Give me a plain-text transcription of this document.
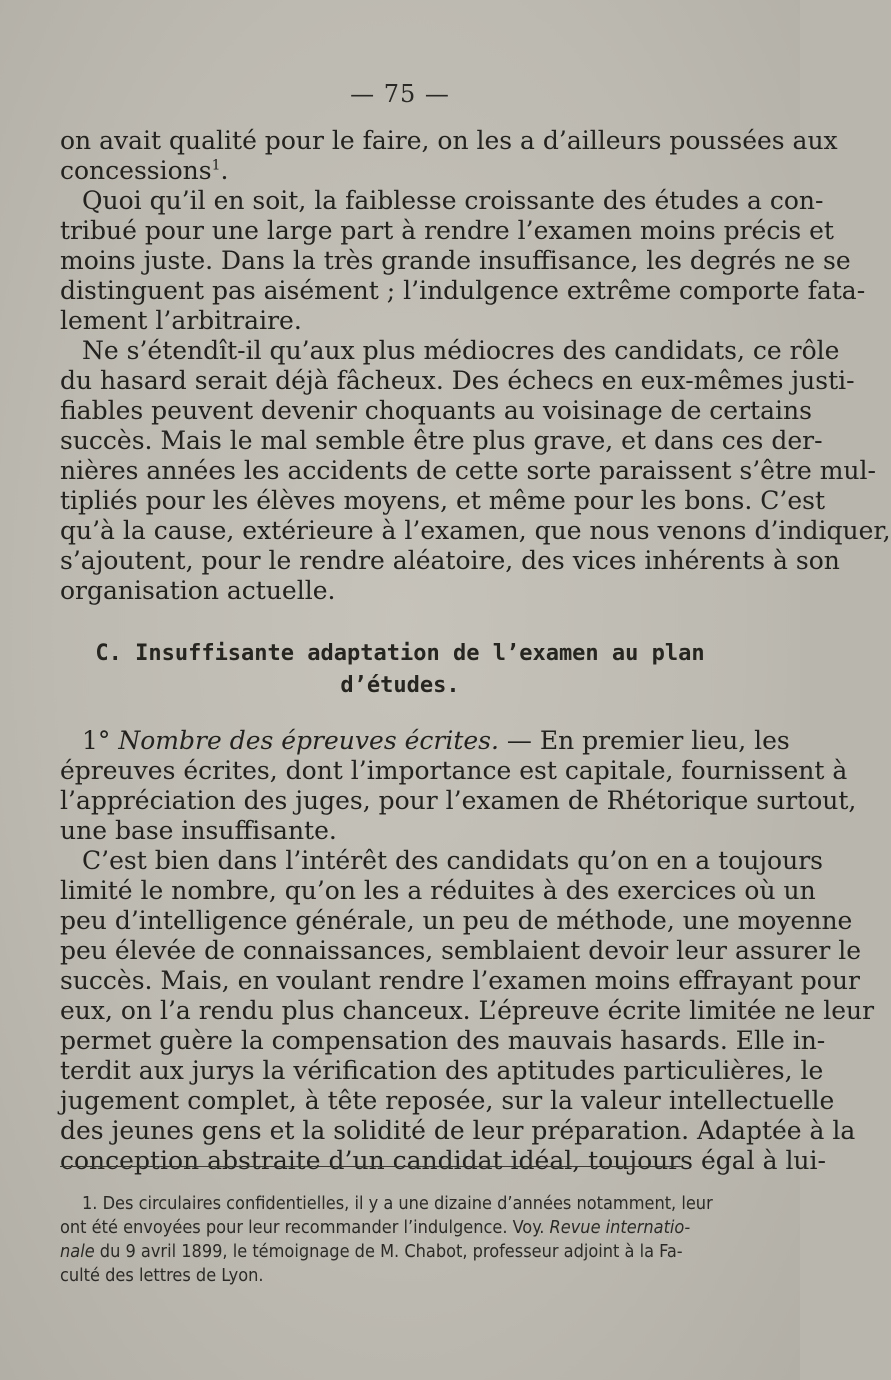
— 75 —
on avait qualité pour le faire, on les a d’ailleurs poussées aux
concessions$^1$.
Quoi qu’il en soit, la faiblesse croissante des études a con-
tribué pour une large part à rendre l’examen moins précis et
moins juste. Dans la très grande insuffisance, les degrés ne se
distinguent pas aisément ; l’indulgence extrême comporte fata-
lement l’arbitraire.
Ne s’étendît-il qu’aux plus médiocres des candidats, ce rôle
du hasard serait déjà fâcheux. Des échecs en eux-mêmes justi-
fiables peuvent devenir choquants au voisinage de certains
succès. Mais le mal semble être plus grave, et dans ces der-
nières années les accidents de cette sorte paraissent s’être mul-
tipliés pour les élèves moyens, et même pour les bons. C’est
qu’à la cause, extérieure à l’examen, que nous venons d’indiquer,
s’ajoutent, pour le rendre aléatoire, des vices inhérents à son
organisation actuelle.
C. Insuffisante adaptation de l’examen au plan
d’études.
1° Nombre des épreuves écrites. — En premier lieu, les
épreuves écrites, dont l’importance est capitale, fournissent à
l’appréciation des juges, pour l’examen de Rhétorique surtout,
une base insuffisante.
C’est bien dans l’intérêt des candidats qu’on en a toujours
limité le nombre, qu’on les a réduites à des exercices où un
peu d’intelligence générale, un peu de méthode, une moyenne
peu élevée de connaissances, semblaient devoir leur assurer le
succès. Mais, en voulant rendre l’examen moins effrayant pour
eux, on l’a rendu plus chanceux. L’épreuve écrite limitée ne leur
permet guère la compensation des mauvais hasards. Elle in-
terdit aux jurys la vérification des aptitudes particulières, le
jugement complet, à tête reposée, sur la valeur intellectuelle
des jeunes gens et la solidité de leur préparation. Adaptée à la
conception abstraite d’un candidat idéal, toujours égal à lui-
1. Des circulaires confidentielles, il y a une dizaine d’années notamment, leur
ont été envoyées pour leur recommander l’indulgence. Voy. Revue internatio-
nale du 9 avril 1899, le témoignage de M. Chabot, professeur adjoint à la Fa-
culté des lettres de Lyon.
